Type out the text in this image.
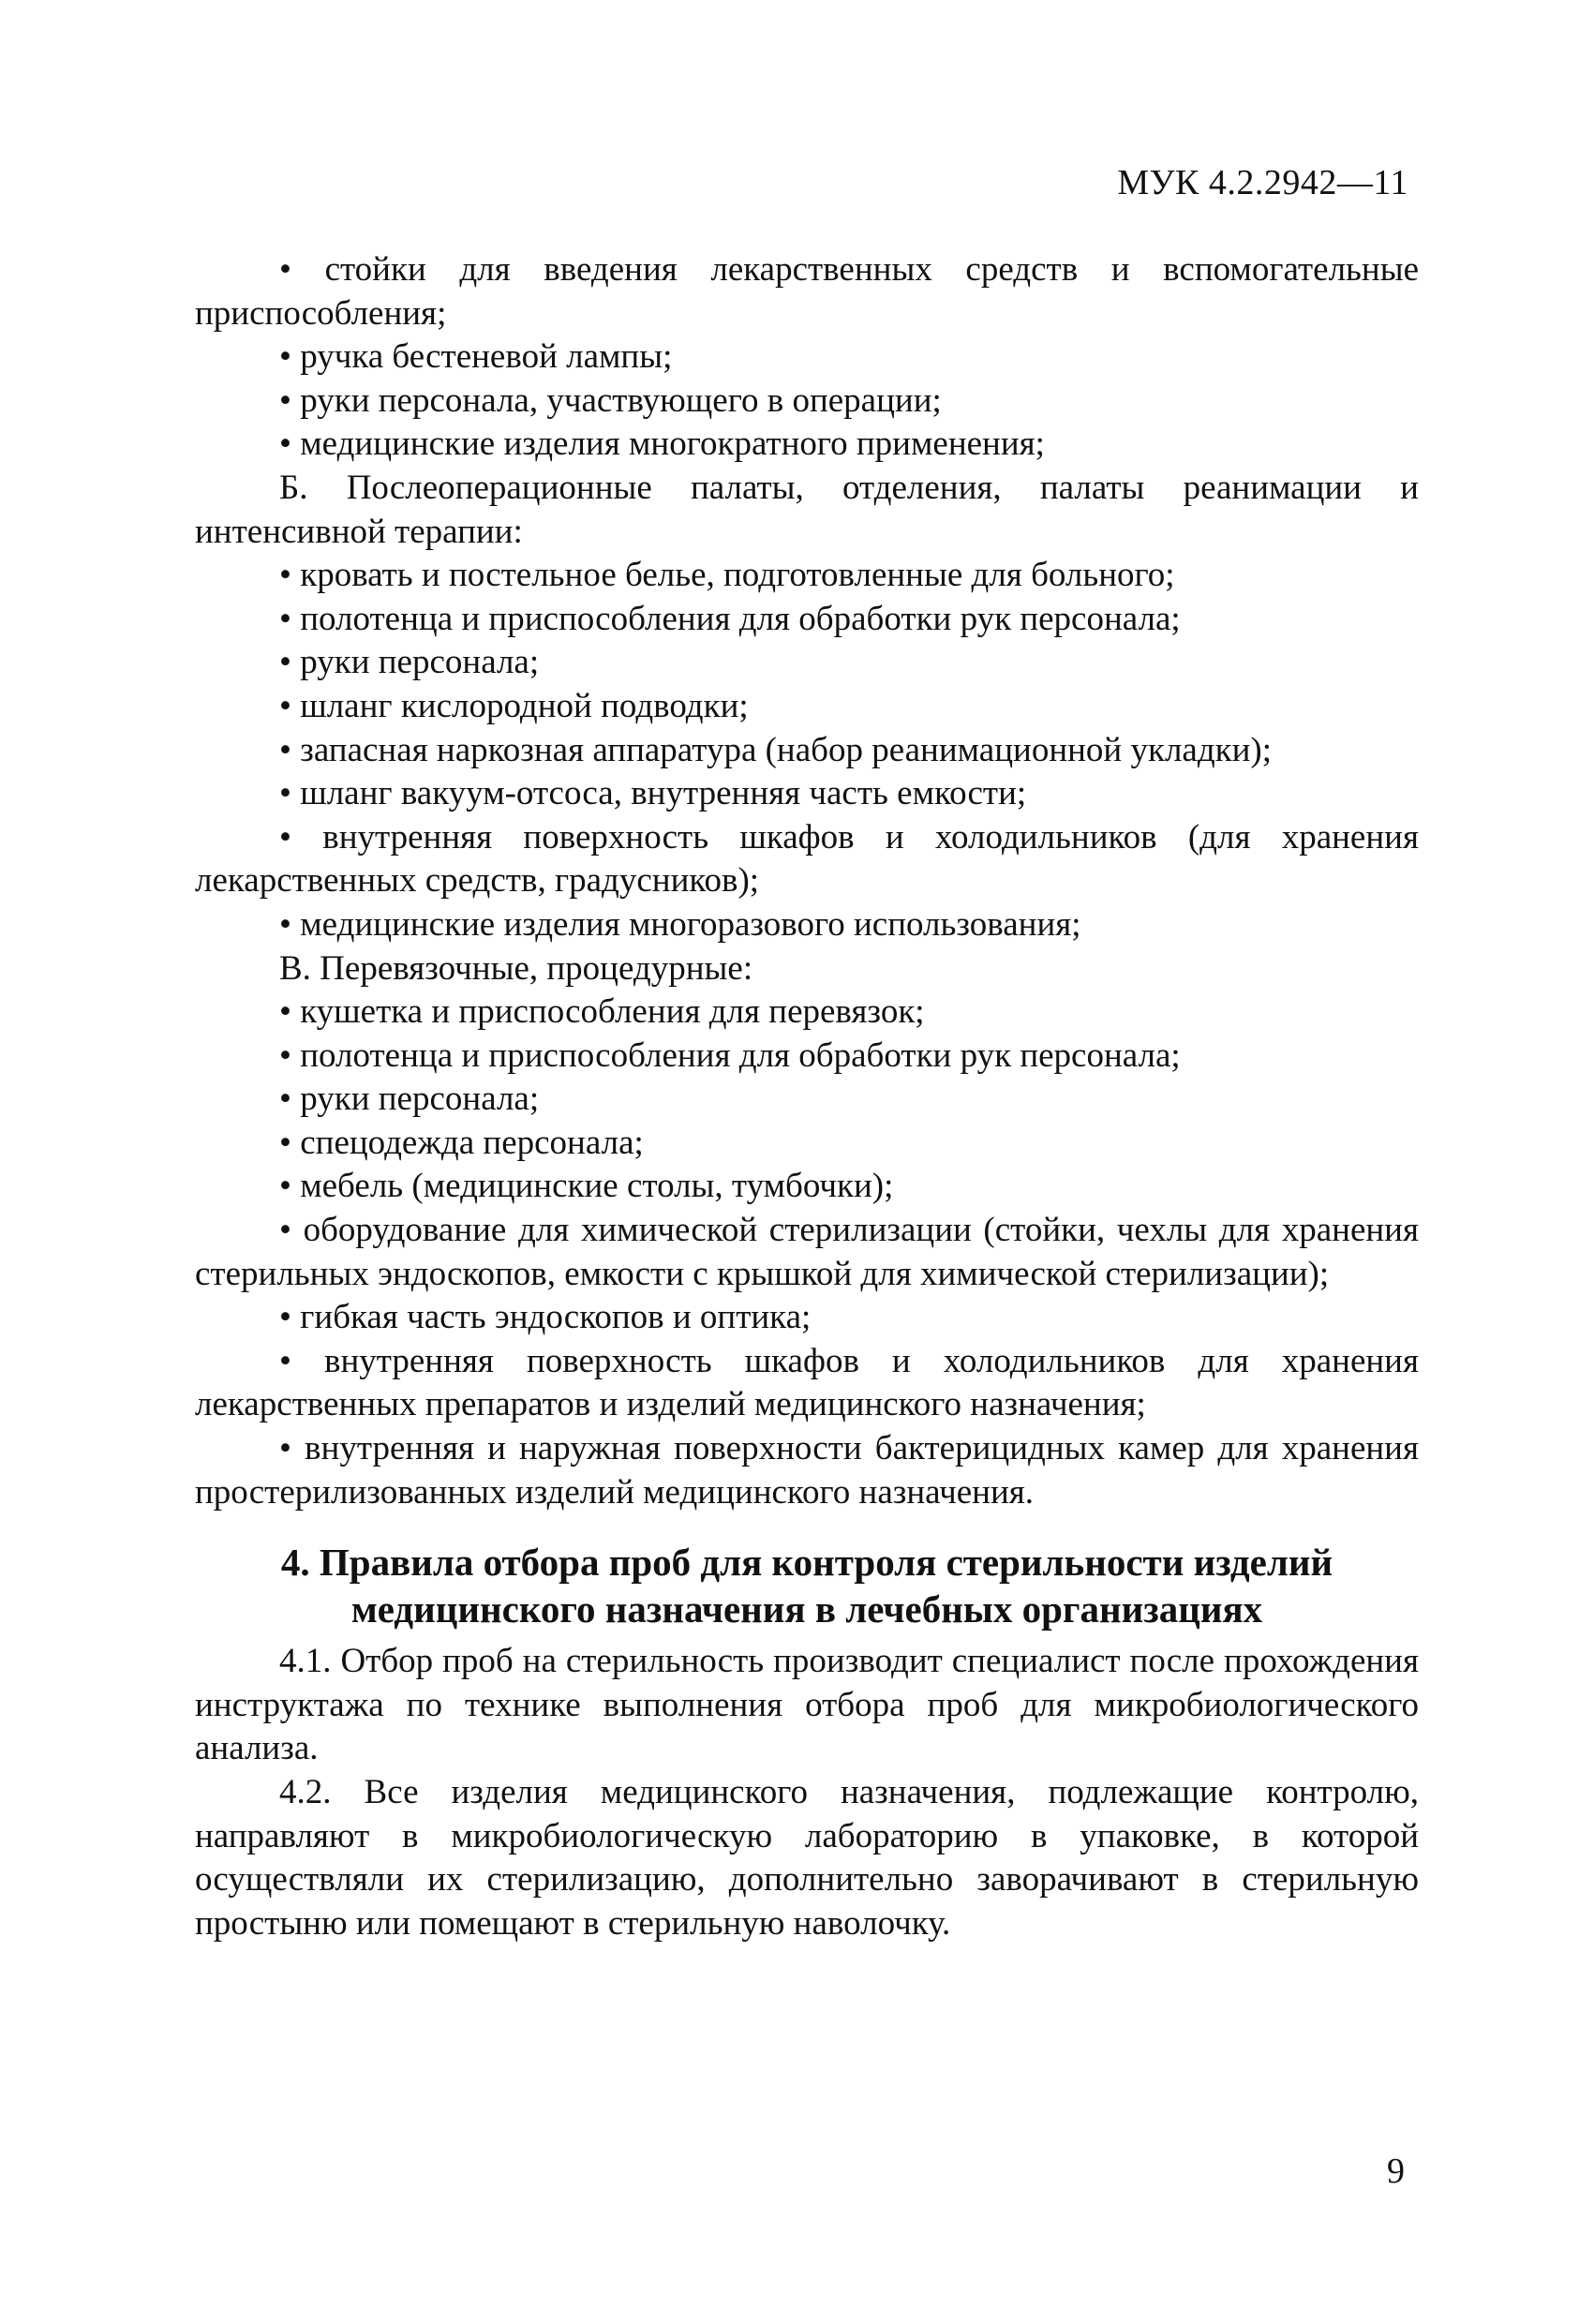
МУК 4.2.2942—11

• стойки для введения лекарственных средств и вспомогательные приспособления;

• ручка бестеневой лампы;

• руки персонала, участвующего в операции;

• медицинские изделия многократного применения;

Б. Послеоперационные палаты, отделения, палаты реанимации и интенсивной терапии:

• кровать и постельное белье, подготовленные для больного;

• полотенца и приспособления для обработки рук персонала;

• руки персонала;

• шланг кислородной подводки;

• запасная наркозная аппаратура (набор реанимационной укладки);

• шланг вакуум-отсоса, внутренняя часть емкости;

• внутренняя поверхность шкафов и холодильников (для хранения лекарственных средств, градусников);

• медицинские изделия многоразового использования;

В. Перевязочные, процедурные:

• кушетка и приспособления для перевязок;

• полотенца и приспособления для обработки рук персонала;

• руки персонала;

• спецодежда персонала;

• мебель (медицинские столы, тумбочки);

• оборудование для химической стерилизации (стойки, чехлы для хранения стерильных эндоскопов, емкости с крышкой для химической стерилизации);

• гибкая часть эндоскопов и оптика;

• внутренняя поверхность шкафов и холодильников для хранения лекарственных препаратов и изделий медицинского назначения;

• внутренняя и наружная поверхности бактерицидных камер для хранения простерилизованных изделий медицинского назначения.

4. Правила отбора проб для контроля стерильности изделий
медицинского назначения в лечебных организациях

4.1. Отбор проб на стерильность производит специалист после прохождения инструктажа по технике выполнения отбора проб для микробиологического анализа.

4.2. Все изделия медицинского назначения, подлежащие контролю, направляют в микробиологическую лабораторию в упаковке, в которой осуществляли их стерилизацию, дополнительно заворачивают в стерильную простыню или помещают в стерильную наволочку.

9
